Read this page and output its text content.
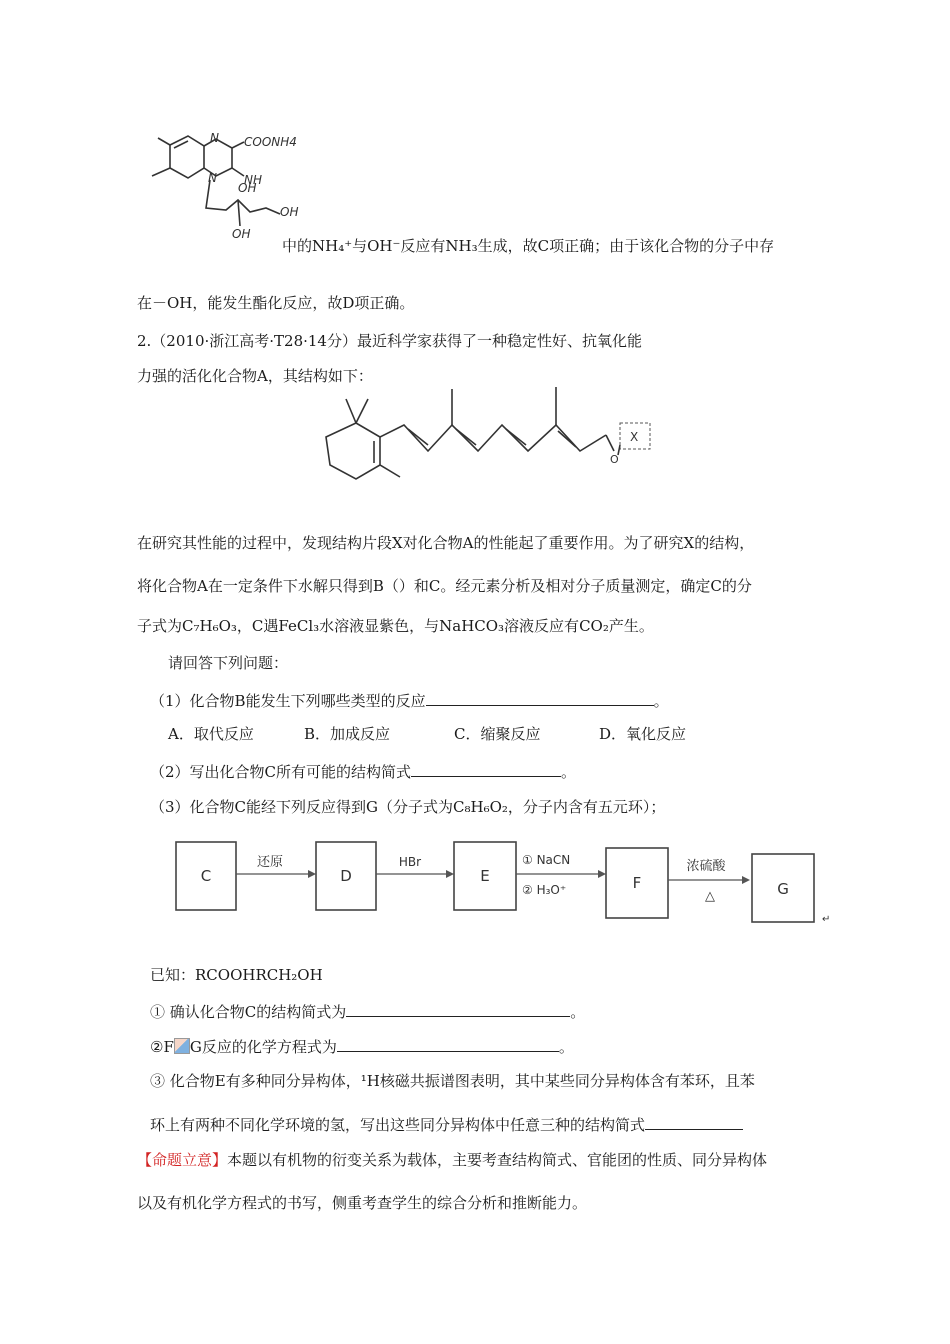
N
N
COONH4
OH
NH
OH
OH
中的NH₄⁺与OH⁻反应有NH₃生成，故C项正确；由于该化合物的分子中存
在－OH，能发生酯化反应，故D项正确。
2.（2010·浙江高考·T28·14分）最近科学家获得了一种稳定性好、抗氧化能
力强的活化化合物A，其结构如下：
O
X
在研究其性能的过程中，发现结构片段X对化合物A的性能起了重要作用。为了研究X的结构，
将化合物A在一定条件下水解只得到B（）和C。经元素分析及相对分子质量测定，确定C的分
子式为C₇H₆O₃，C遇FeCl₃水溶液显紫色，与NaHCO₃溶液反应有CO₂产生。
请回答下列问题：
（1）化合物B能发生下列哪些类型的反应	。
A．取代反应	B．加成反应	C．缩聚反应	D．氧化反应
（2）写出化合物C所有可能的结构简式	。
（3）化合物C能经下列反应得到G（分子式为C₈H₆O₂，分子内含有五元环）；
C
还原
D
HBr
E
① NaCN
② H₃O⁺	F
浓硫酸
△	G
↵
已知：RCOOHRCH₂OH
① 确认化合物C的结构简式为	。
②F G反应的化学方程式为	。
③ 化合物E有多种同分异构体，¹H核磁共振谱图表明，其中某些同分异构体含有苯环，且苯
环上有两种不同化学环境的氢，写出这些同分异构体中任意三种的结构简式
【命题立意】本题以有机物的衍变关系为载体，主要考查结构简式、官能团的性质、同分异构体
以及有机化学方程式的书写，侧重考查学生的综合分析和推断能力。
